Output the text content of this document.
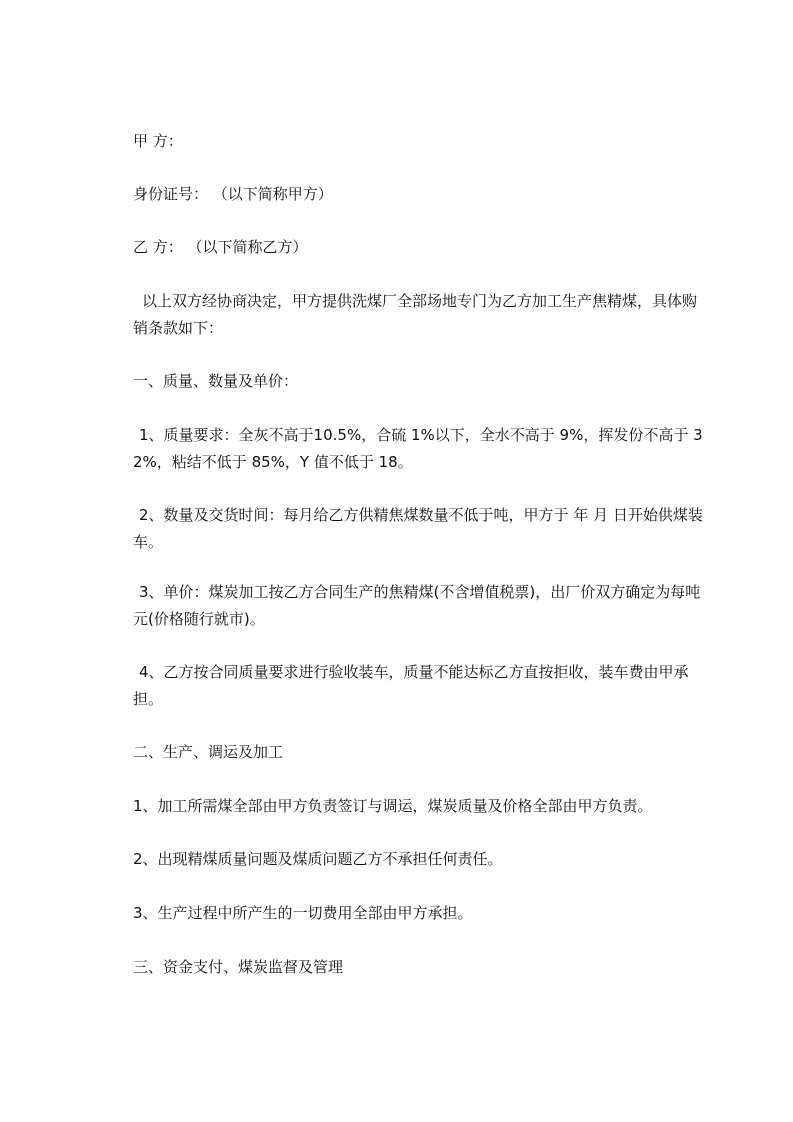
甲 方：

身份证号： （以下简称甲方）

乙 方： （以下简称乙方）

以上双方经协商决定，甲方提供洗煤厂全部场地专门为乙方加工生产焦精煤，具体购销条款如下：

一、质量、数量及单价：

1、质量要求：全灰不高于10.5%，合硫 1%以下，全水不高于 9%，挥发份不高于 32%，粘结不低于 85%，Y 值不低于 18。

2、数量及交货时间：每月给乙方供精焦煤数量不低于吨，甲方于 年 月 日开始供煤装车。

3、单价：煤炭加工按乙方合同生产的焦精煤(不含增值税票)，出厂价双方确定为每吨 元(价格随行就市)。

4、乙方按合同质量要求进行验收装车，质量不能达标乙方直按拒收，装车费由甲承担。

二、生产、调运及加工

1、加工所需煤全部由甲方负责签订与调运，煤炭质量及价格全部由甲方负责。

2、出现精煤质量问题及煤质问题乙方不承担任何责任。

3、生产过程中所产生的一切费用全部由甲方承担。

三、资金支付、煤炭监督及管理
